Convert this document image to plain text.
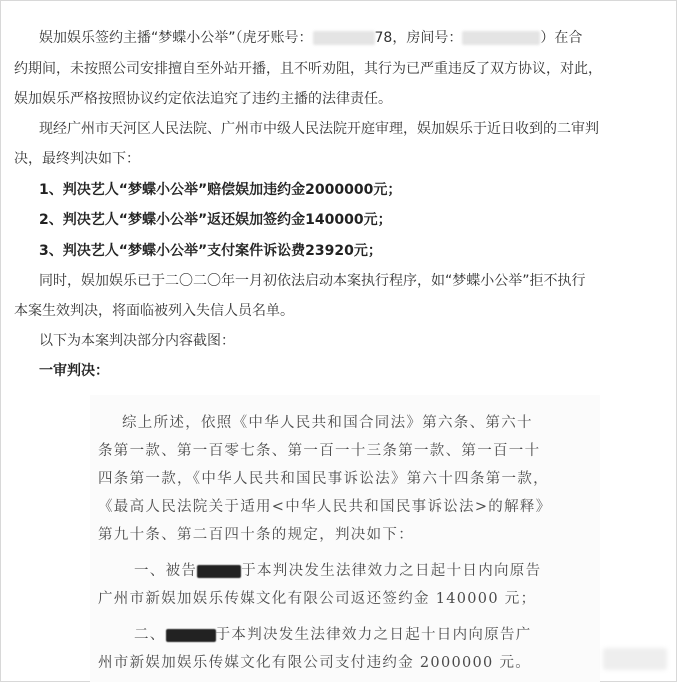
娱加娱乐签约主播“梦蝶小公举”（虎牙账号：	78，房间号：	）在合

约期间，未按照公司安排擅自至外站开播，且不听劝阻，其行为已严重违反了双方协议，对此，

娱加娱乐严格按照协议约定依法追究了违约主播的法律责任。

现经广州市天河区人民法院、广州市中级人民法院开庭审理，娱加娱乐于近日收到的二审判

决，最终判决如下：

1、判决艺人“梦蝶小公举”赔偿娱加违约金2000000元；

2、判决艺人“梦蝶小公举”返还娱加签约金140000元；

3、判决艺人“梦蝶小公举”支付案件诉讼费23920元；

同时，娱加娱乐已于二〇二〇年一月初依法启动本案执行程序，如“梦蝶小公举”拒不执行

本案生效判决，将面临被列入失信人员名单。

以下为本案判决部分内容截图：

一审判决：

综上所述，依照《中华人民共和国合同法》第六条、第六十
条第一款、第一百零七条、第一百一十三条第一款、第一百一十
四条第一款，《中华人民共和国民事诉讼法》第六十四条第一款，
《最高人民法院关于适用<中华人民共和国民事诉讼法>的解释》
第九十条、第二百四十条的规定，判决如下：
一、被告	于本判决发生法律效力之日起十日内向原告
广州市新娱加娱乐传媒文化有限公司返还签约金 140000 元；
二、	于本判决发生法律效力之日起十日内向原告广
州市新娱加娱乐传媒文化有限公司支付违约金 2000000 元。
